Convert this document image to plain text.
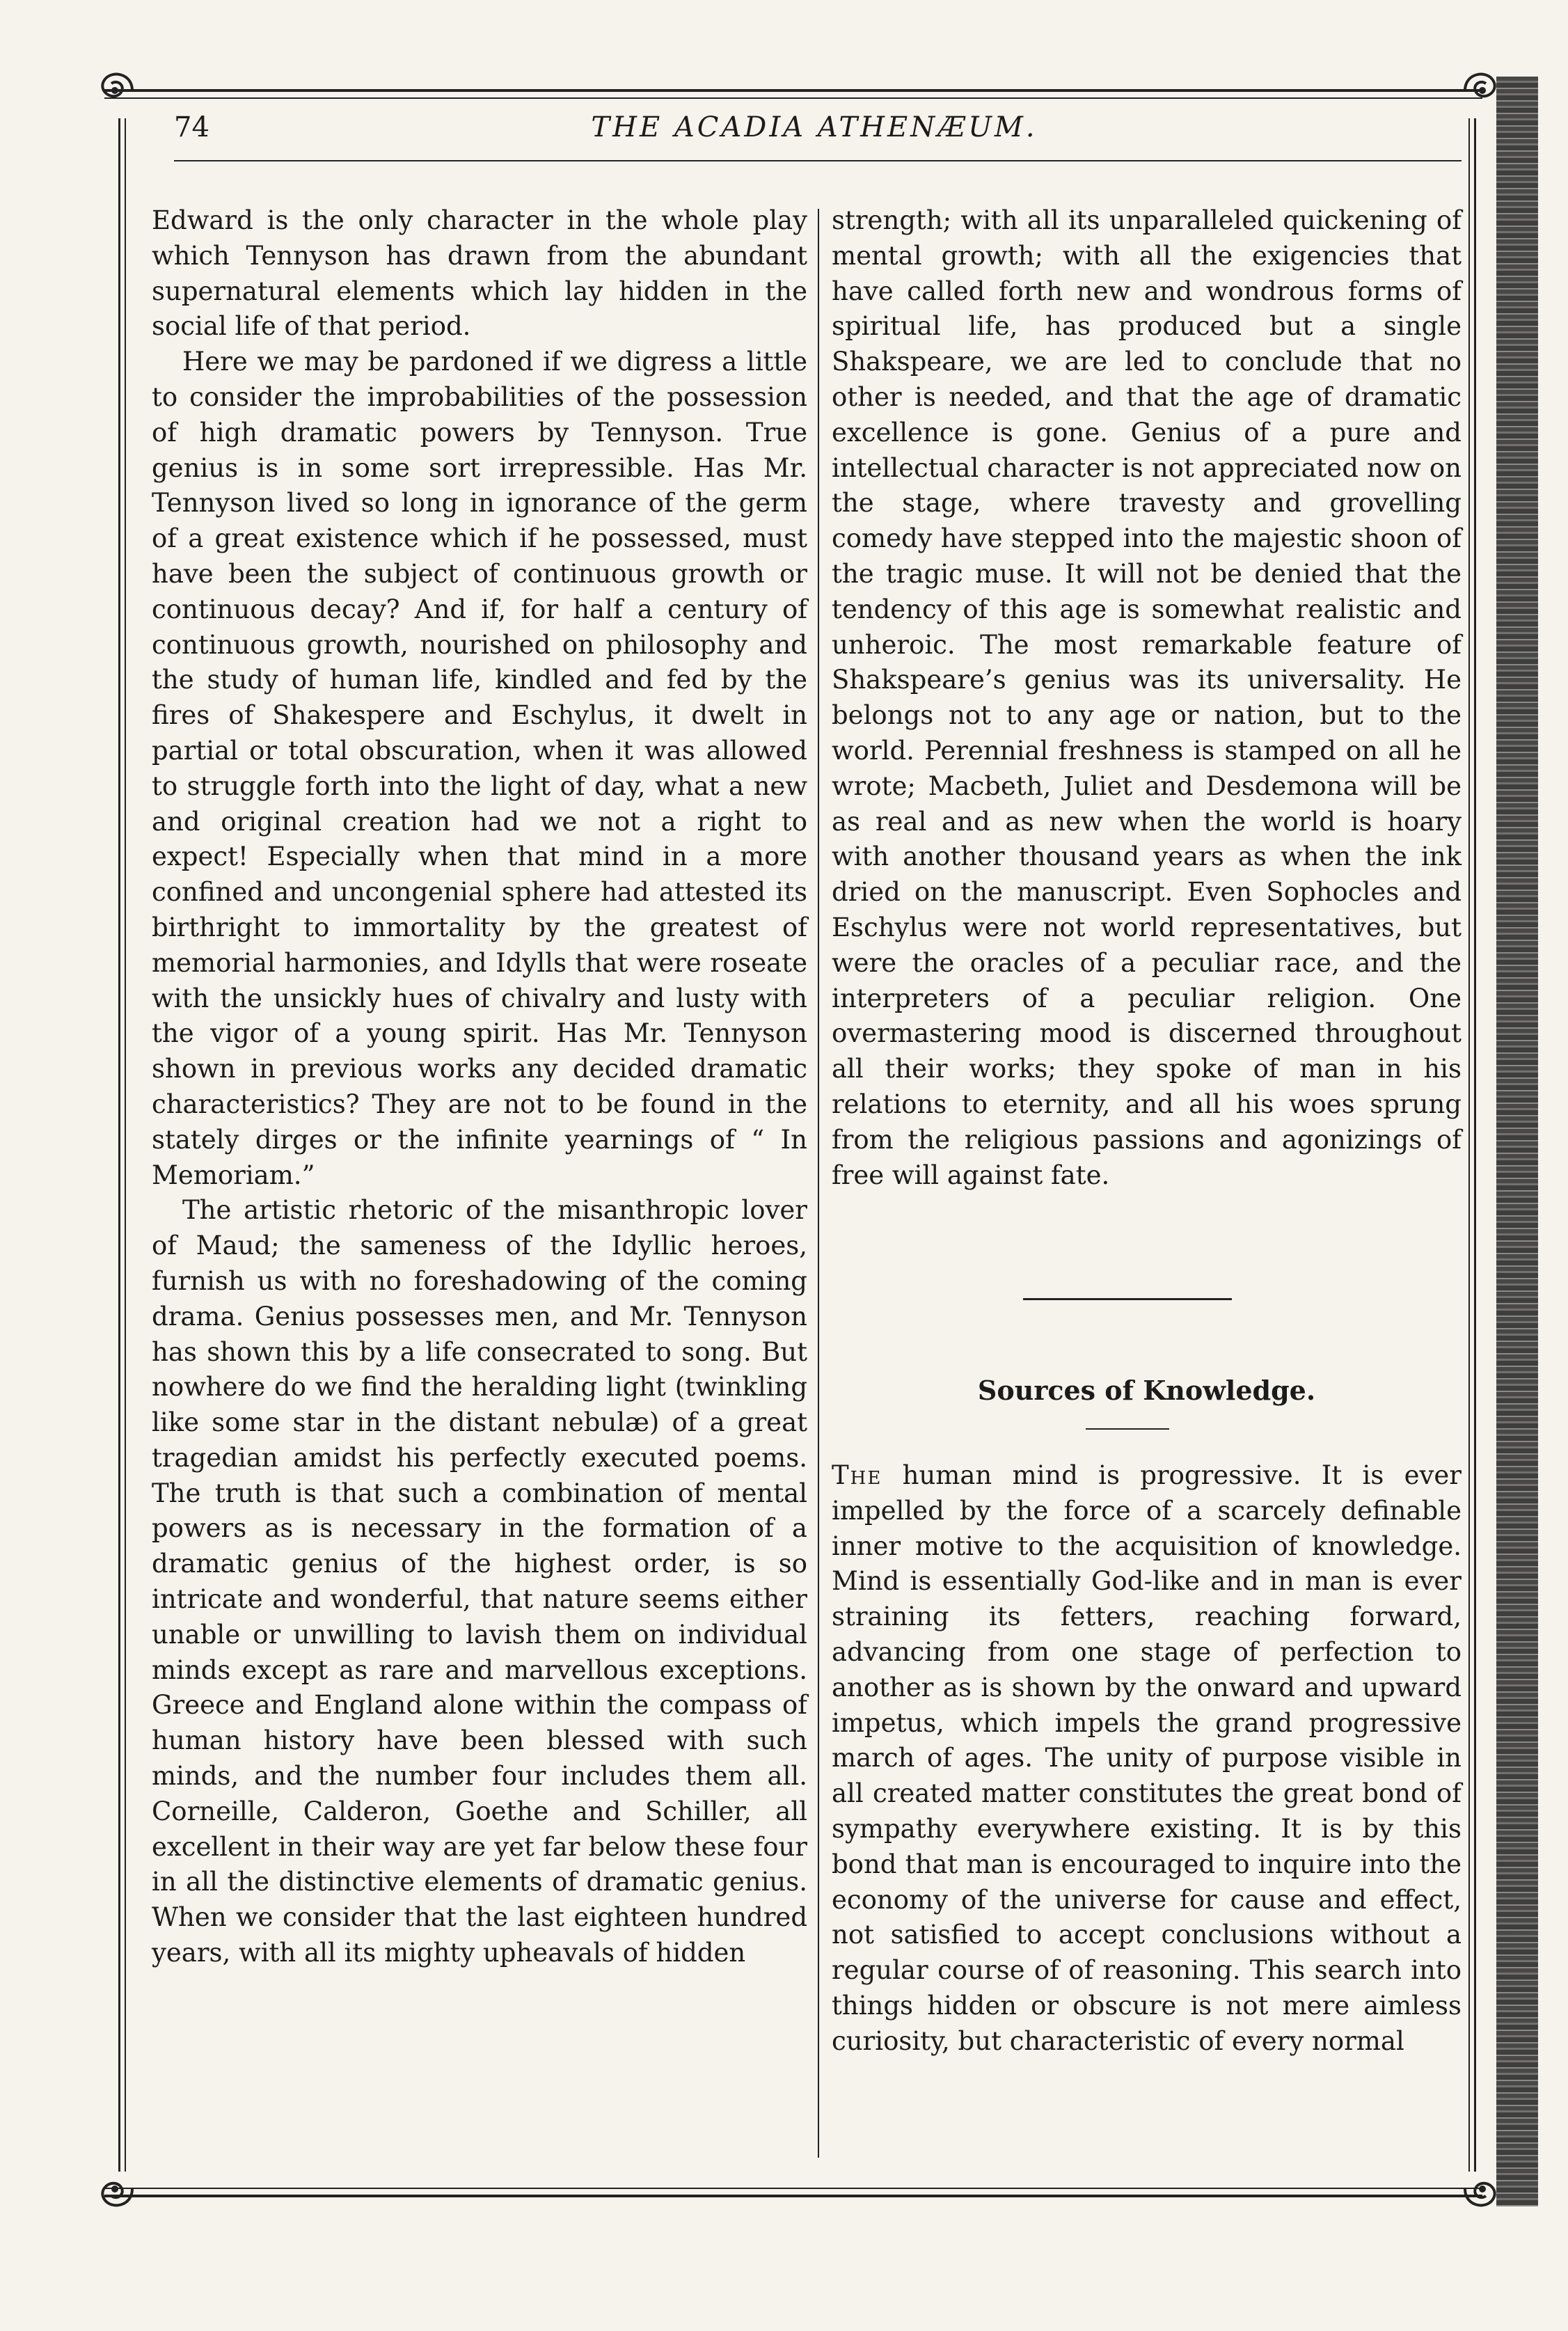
74	THE ACADIA ATHENÆUM.

Edward is the only character in the whole play which Tennyson has drawn from the abundant supernatural elements which lay hidden in the social life of that period.

Here we may be pardoned if we digress a little to consider the improbabilities of the possession of high dramatic powers by Tennyson. True genius is in some sort irrepressible. Has Mr. Tennyson lived so long in ignorance of the germ of a great existence which if he possessed, must have been the subject of continuous growth or continuous decay? And if, for half a century of continuous growth, nourished on philosophy and the study of human life, kindled and fed by the fires of Shakespere and Eschylus, it dwelt in partial or total obscuration, when it was allowed to struggle forth into the light of day, what a new and original creation had we not a right to expect! Especially when that mind in a more confined and uncongenial sphere had attested its birthright to immortality by the greatest of memorial harmonies, and Idylls that were roseate with the unsickly hues of chivalry and lusty with the vigor of a young spirit. Has Mr. Tennyson shown in previous works any decided dramatic characteristics? They are not to be found in the stately dirges or the infinite yearnings of “ In Memoriam.”

The artistic rhetoric of the misanthropic lover of Maud; the sameness of the Idyllic heroes, furnish us with no foreshadowing of the coming drama. Genius possesses men, and Mr. Tennyson has shown this by a life consecrated to song. But nowhere do we find the heralding light (twinkling like some star in the distant nebulæ) of a great tragedian amidst his perfectly executed poems. The truth is that such a combination of mental powers as is necessary in the formation of a dramatic genius of the highest order, is so intricate and wonderful, that nature seems either unable or unwilling to lavish them on individual minds except as rare and marvellous exceptions. Greece and England alone within the compass of human history have been blessed with such minds, and the number four includes them all. Corneille, Calderon, Goethe and Schiller, all excellent in their way are yet far below these four in all the distinctive elements of dramatic genius. When we consider that the last eighteen hundred years, with all its mighty upheavals of hidden

strength; with all its unparalleled quickening of mental growth; with all the exigencies that have called forth new and wondrous forms of spiritual life, has produced but a single Shakspeare, we are led to conclude that no other is needed, and that the age of dramatic excellence is gone. Genius of a pure and intellectual character is not appreciated now on the stage, where travesty and grovelling comedy have stepped into the majestic shoon of the tragic muse. It will not be denied that the tendency of this age is somewhat realistic and unheroic. The most remarkable feature of Shakspeare’s genius was its universality. He belongs not to any age or nation, but to the world. Perennial freshness is stamped on all he wrote; Macbeth, Juliet and Desdemona will be as real and as new when the world is hoary with another thousand years as when the ink dried on the manuscript. Even Sophocles and Eschylus were not world representatives, but were the oracles of a peculiar race, and the interpreters of a peculiar religion. One overmastering mood is discerned throughout all their works; they spoke of man in his relations to eternity, and all his woes sprung from the religious passions and agonizings of free will against fate.

Sources of Knowledge.

The human mind is progressive. It is ever impelled by the force of a scarcely definable inner motive to the acquisition of knowledge. Mind is essentially God-like and in man is ever straining its fetters, reaching forward, advancing from one stage of perfection to another as is shown by the onward and upward impetus, which impels the grand progressive march of ages. The unity of purpose visible in all created matter constitutes the great bond of sympathy everywhere existing. It is by this bond that man is encouraged to inquire into the economy of the universe for cause and effect, not satisfied to accept conclusions without a regular course of of reasoning. This search into things hidden or obscure is not mere aimless curiosity, but characteristic of every normal
